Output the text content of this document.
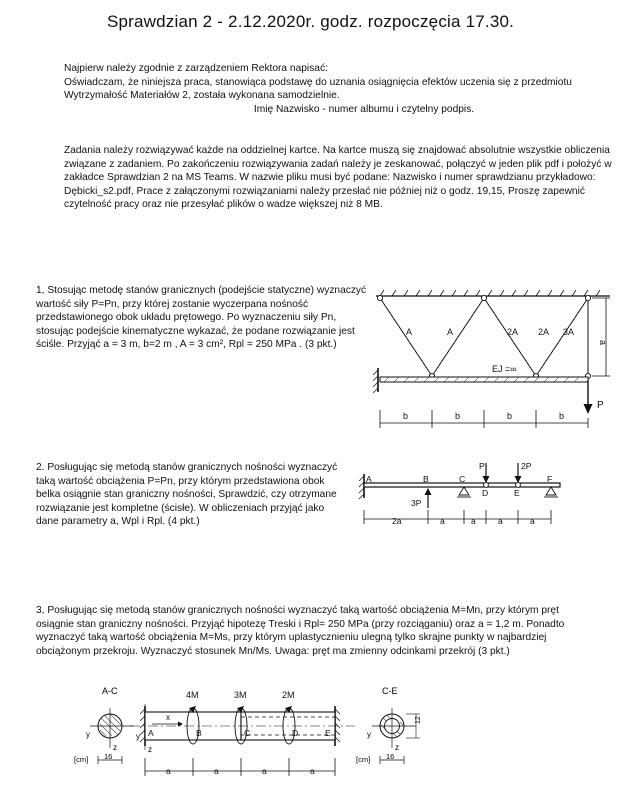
Sprawdzian 2 - 2.12.2020r. godz. rozpoczęcia 17.30.
Najpierw należy zgodnie z zarządzeniem Rektora napisać:
Oświadczam, że niniejsza praca, stanowiąca podstawę do uznania osiągnięcia efektów uczenia się z przedmiotu
Wytrzymałość Materiałów 2, została wykonana samodzielnie.
Imię Nazwisko - numer albumu i czytelny podpis.
Zadania należy rozwiązywać każde na oddzielnej kartce. Na kartce muszą się znajdować absolutnie wszystkie obliczenia
związane z zadaniem. Po zakończeniu rozwiązywania zadań należy je zeskanować, połączyć w jeden plik pdf i położyć w
zakładce Sprawdzian 2 na MS Teams. W nazwie pliku musi być podane: Nazwisko i numer sprawdzianu przykładowo:
Dębicki_s2.pdf, Prace z załączonymi rozwiązaniami należy przesłać nie później niż o godz. 19,15, Proszę zapewnić
czytelność pracy oraz nie przesyłać plików o wadze większej niż 8 MB.
1, Stosując metodę stanów granicznych (podejście statyczne) wyznaczyć
wartość siły P=Pn, przy której zostanie wyczerpana nośność
przedstawionego obok układu prętowego. Po wyznaczeniu siły Pn,
stosując podejście kinematyczne wykazać, że podane rozwiązanie jest
ściśle. Przyjąć a = 3 m, b=2 m , A = 3 cm², Rpl = 250 MPa . (3 pkt.)
A	A	2A 2A 3A
EJ =∞
a
P
b	b	b	b
2. Posługując się metodą stanów granicznych nośności wyznaczyć
taką wartość obciążenia P=Pn, przy którym przedstawiona obok
belka osiągnie stan graniczny nośności, Sprawdzić, czy otrzymane
rozwiązanie jest kompletne (ścisłe). W obliczeniach przyjąć jako
dane parametry a, Wpl i Rpl. (4 pkt.)
A	B	C
D	E
F
P	2P
3P
2a	a	a	a	a
3, Posługując się metodą stanów granicznych nośności wyznaczyć taką wartość obciążenia M=Mn, przy którym pręt
osiągnie stan graniczny nośności. Przyjąć hipotezę Treski i Rpl= 250 MPa (przy rozciąganiu) oraz a = 1,2 m. Ponadto
wyznaczyć taką wartość obciążenia M=Ms, przy którym uplastycznieniu ulegną tylko skrajne punkty w najbardziej
obciążonym przekroju. Wyznaczyć stosunek Mn/Ms. Uwaga: pręt ma zmienny odcinkami przekrój (3 pkt.)
A-C
y
z
[cm] 16
x
y
z
4M	3M	2M
A	B	C	D	E
a	a	a	a
C-E
y
z
[cm] 16
12
